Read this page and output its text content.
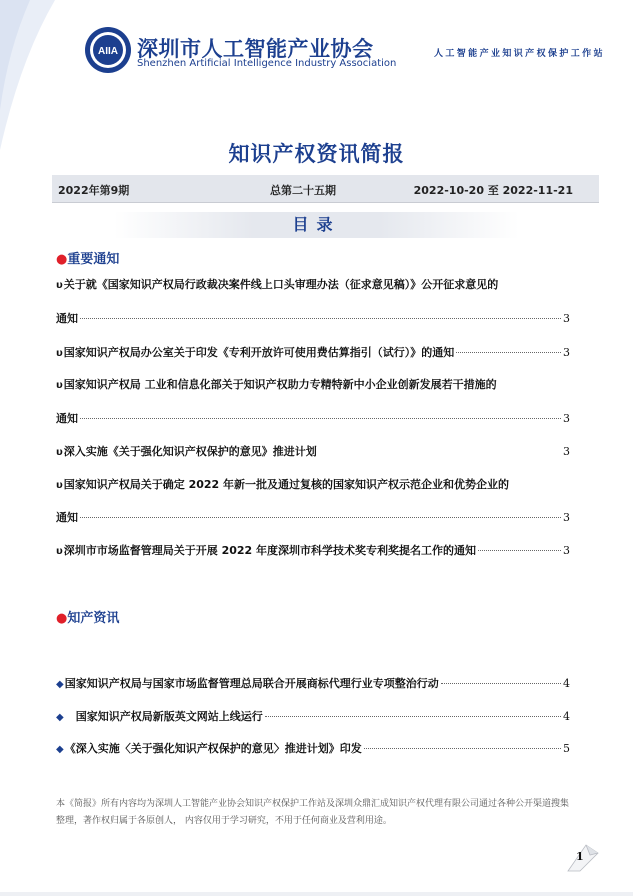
AIIA 深圳市人工智能产业协会
Shenzhen Artificial Intelligence Industry Association
人工智能产业知识产权保护工作站
知识产权资讯简报
2022年第9期	总第二十五期	2022-10-20 至 2022-11-21
目录
●重要通知
υ关于就《国家知识产权局行政裁决案件线上口头审理办法（征求意见稿）》公开征求意见的
通知	3
υ国家知识产权局办公室关于印发《专利开放许可使用费估算指引（试行）》的通知	3
υ国家知识产权局 工业和信息化部关于知识产权助力专精特新中小企业创新发展若干措施的
通知	3
υ深入实施《关于强化知识产权保护的意见》推进计划	3
υ国家知识产权局关于确定 2022 年新一批及通过复核的国家知识产权示范企业和优势企业的
通知	3
υ深圳市市场监督管理局关于开展 2022 年度深圳市科学技术奖专利奖提名工作的通知	3
●知产资讯
◆国家知识产权局与国家市场监督管理总局联合开展商标代理行业专项整治行动	4
◆ 国家知识产权局新版英文网站上线运行	4
◆《深入实施〈关于强化知识产权保护的意见〉推进计划》印发	5
本《简报》所有内容均为深圳人工智能产业协会知识产权保护工作站及深圳众鼎汇成知识产权代理有限公司通过各种公开渠道搜集整理，著作权归属于各原创人， 内容仅用于学习研究，不用于任何商业及营利用途。
1
